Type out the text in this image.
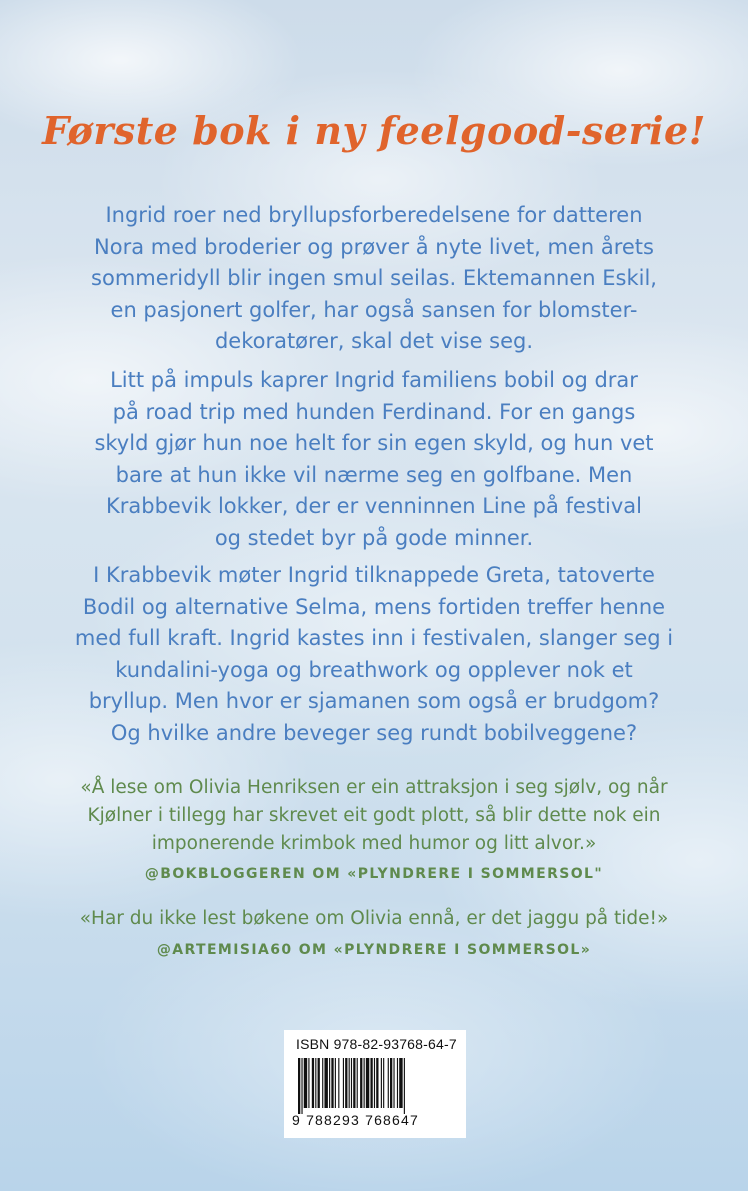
Første bok i ny feelgood-serie!

Ingrid roer ned bryllupsforberedelsene for datteren
Nora med broderier og prøver å nyte livet, men årets
sommeridyll blir ingen smul seilas. Ektemannen Eskil,
en pasjonert golfer, har også sansen for blomster-
dekoratører, skal det vise seg.

Litt på impuls kaprer Ingrid familiens bobil og drar
på road trip med hunden Ferdinand. For en gangs
skyld gjør hun noe helt for sin egen skyld, og hun vet
bare at hun ikke vil nærme seg en golfbane. Men
Krabbevik lokker, der er venninnen Line på festival
og stedet byr på gode minner.

I Krabbevik møter Ingrid tilknappede Greta, tatoverte
Bodil og alternative Selma, mens fortiden treffer henne
med full kraft. Ingrid kastes inn i festivalen, slanger seg i
kundalini-yoga og breathwork og opplever nok et
bryllup. Men hvor er sjamanen som også er brudgom?
Og hvilke andre beveger seg rundt bobilveggene?

«Å lese om Olivia Henriksen er ein attraksjon i seg sjølv, og når
Kjølner i tillegg har skrevet eit godt plott, så blir dette nok ein
imponerende krimbok med humor og litt alvor.»

@BOKBLOGGEREN OM «PLYNDRERE I SOMMERSOL"

«Har du ikke lest bøkene om Olivia ennå, er det jaggu på tide!»

@ARTEMISIA60 OM «PLYNDRERE I SOMMERSOL»

ISBN 978-82-93768-64-7

9 788293 768647
